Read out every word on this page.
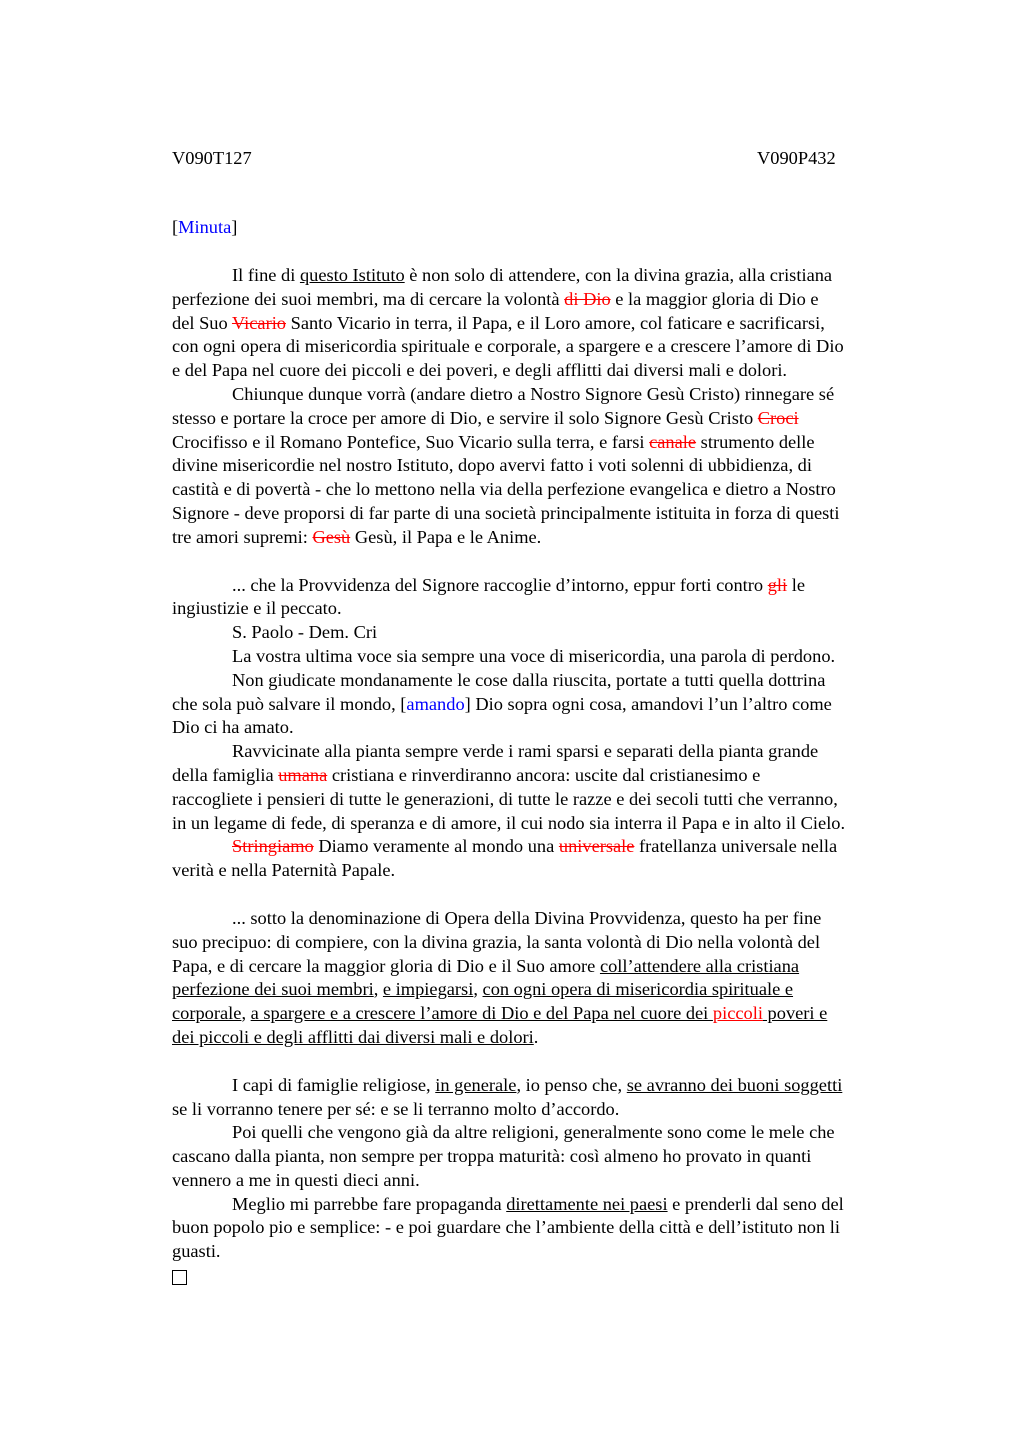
V090T127	V090P432
[Minuta]

Il fine di questo Istituto è non solo di attendere, con la divina grazia, alla cristiana
perfezione dei suoi membri, ma di cercare la volontà di Dio e la maggior gloria di Dio e
del Suo Vicario Santo Vicario in terra, il Papa, e il Loro amore, col faticare e sacrificarsi,
con ogni opera di misericordia spirituale e corporale, a spargere e a crescere l’amore di Dio
e del Papa nel cuore dei piccoli e dei poveri, e degli afflitti dai diversi mali e dolori.

Chiunque dunque vorrà (andare dietro a Nostro Signore Gesù Cristo) rinnegare sé
stesso e portare la croce per amore di Dio, e servire il solo Signore Gesù Cristo Croci
Crocifisso e il Romano Pontefice, Suo Vicario sulla terra, e farsi canale strumento delle
divine misericordie nel nostro Istituto, dopo avervi fatto i voti solenni di ubbidienza, di
castità e di povertà - che lo mettono nella via della perfezione evangelica e dietro a Nostro
Signore - deve proporsi di far parte di una società principalmente istituita in forza di questi
tre amori supremi: Gesù Gesù, il Papa e le Anime.

... che la Provvidenza del Signore raccoglie d’intorno, eppur forti contro gli le
ingiustizie e il peccato.

S. Paolo - Dem. Cri

La vostra ultima voce sia sempre una voce di misericordia, una parola di perdono.

Non giudicate mondanamente le cose dalla riuscita, portate a tutti quella dottrina
che sola può salvare il mondo, [amando] Dio sopra ogni cosa, amandovi l’un l’altro come
Dio ci ha amato.

Ravvicinate alla pianta sempre verde i rami sparsi e separati della pianta grande
della famiglia umana cristiana e rinverdiranno ancora: uscite dal cristianesimo e
raccogliete i pensieri di tutte le generazioni, di tutte le razze e dei secoli tutti che verranno,
in un legame di fede, di speranza e di amore, il cui nodo sia interra il Papa e in alto il Cielo.

Stringiamo Diamo veramente al mondo una universale fratellanza universale nella
verità e nella Paternità Papale.

... sotto la denominazione di Opera della Divina Provvidenza, questo ha per fine
suo precipuo: di compiere, con la divina grazia, la santa volontà di Dio nella volontà del
Papa, e di cercare la maggior gloria di Dio e il Suo amore coll’attendere alla cristiana
perfezione dei suoi membri, e impiegarsi, con ogni opera di misericordia spirituale e
corporale, a spargere e a crescere l’amore di Dio e del Papa nel cuore dei piccoli poveri e
dei piccoli e degli afflitti dai diversi mali e dolori.

I capi di famiglie religiose, in generale, io penso che, se avranno dei buoni soggetti
se li vorranno tenere per sé: e se li terranno molto d’accordo.

Poi quelli che vengono già da altre religioni, generalmente sono come le mele che
cascano dalla pianta, non sempre per troppa maturità: così almeno ho provato in quanti
vennero a me in questi dieci anni.

Meglio mi parrebbe fare propaganda direttamente nei paesi e prenderli dal seno del
buon popolo pio e semplice: - e poi guardare che l’ambiente della città e dell’istituto non li
guasti.
